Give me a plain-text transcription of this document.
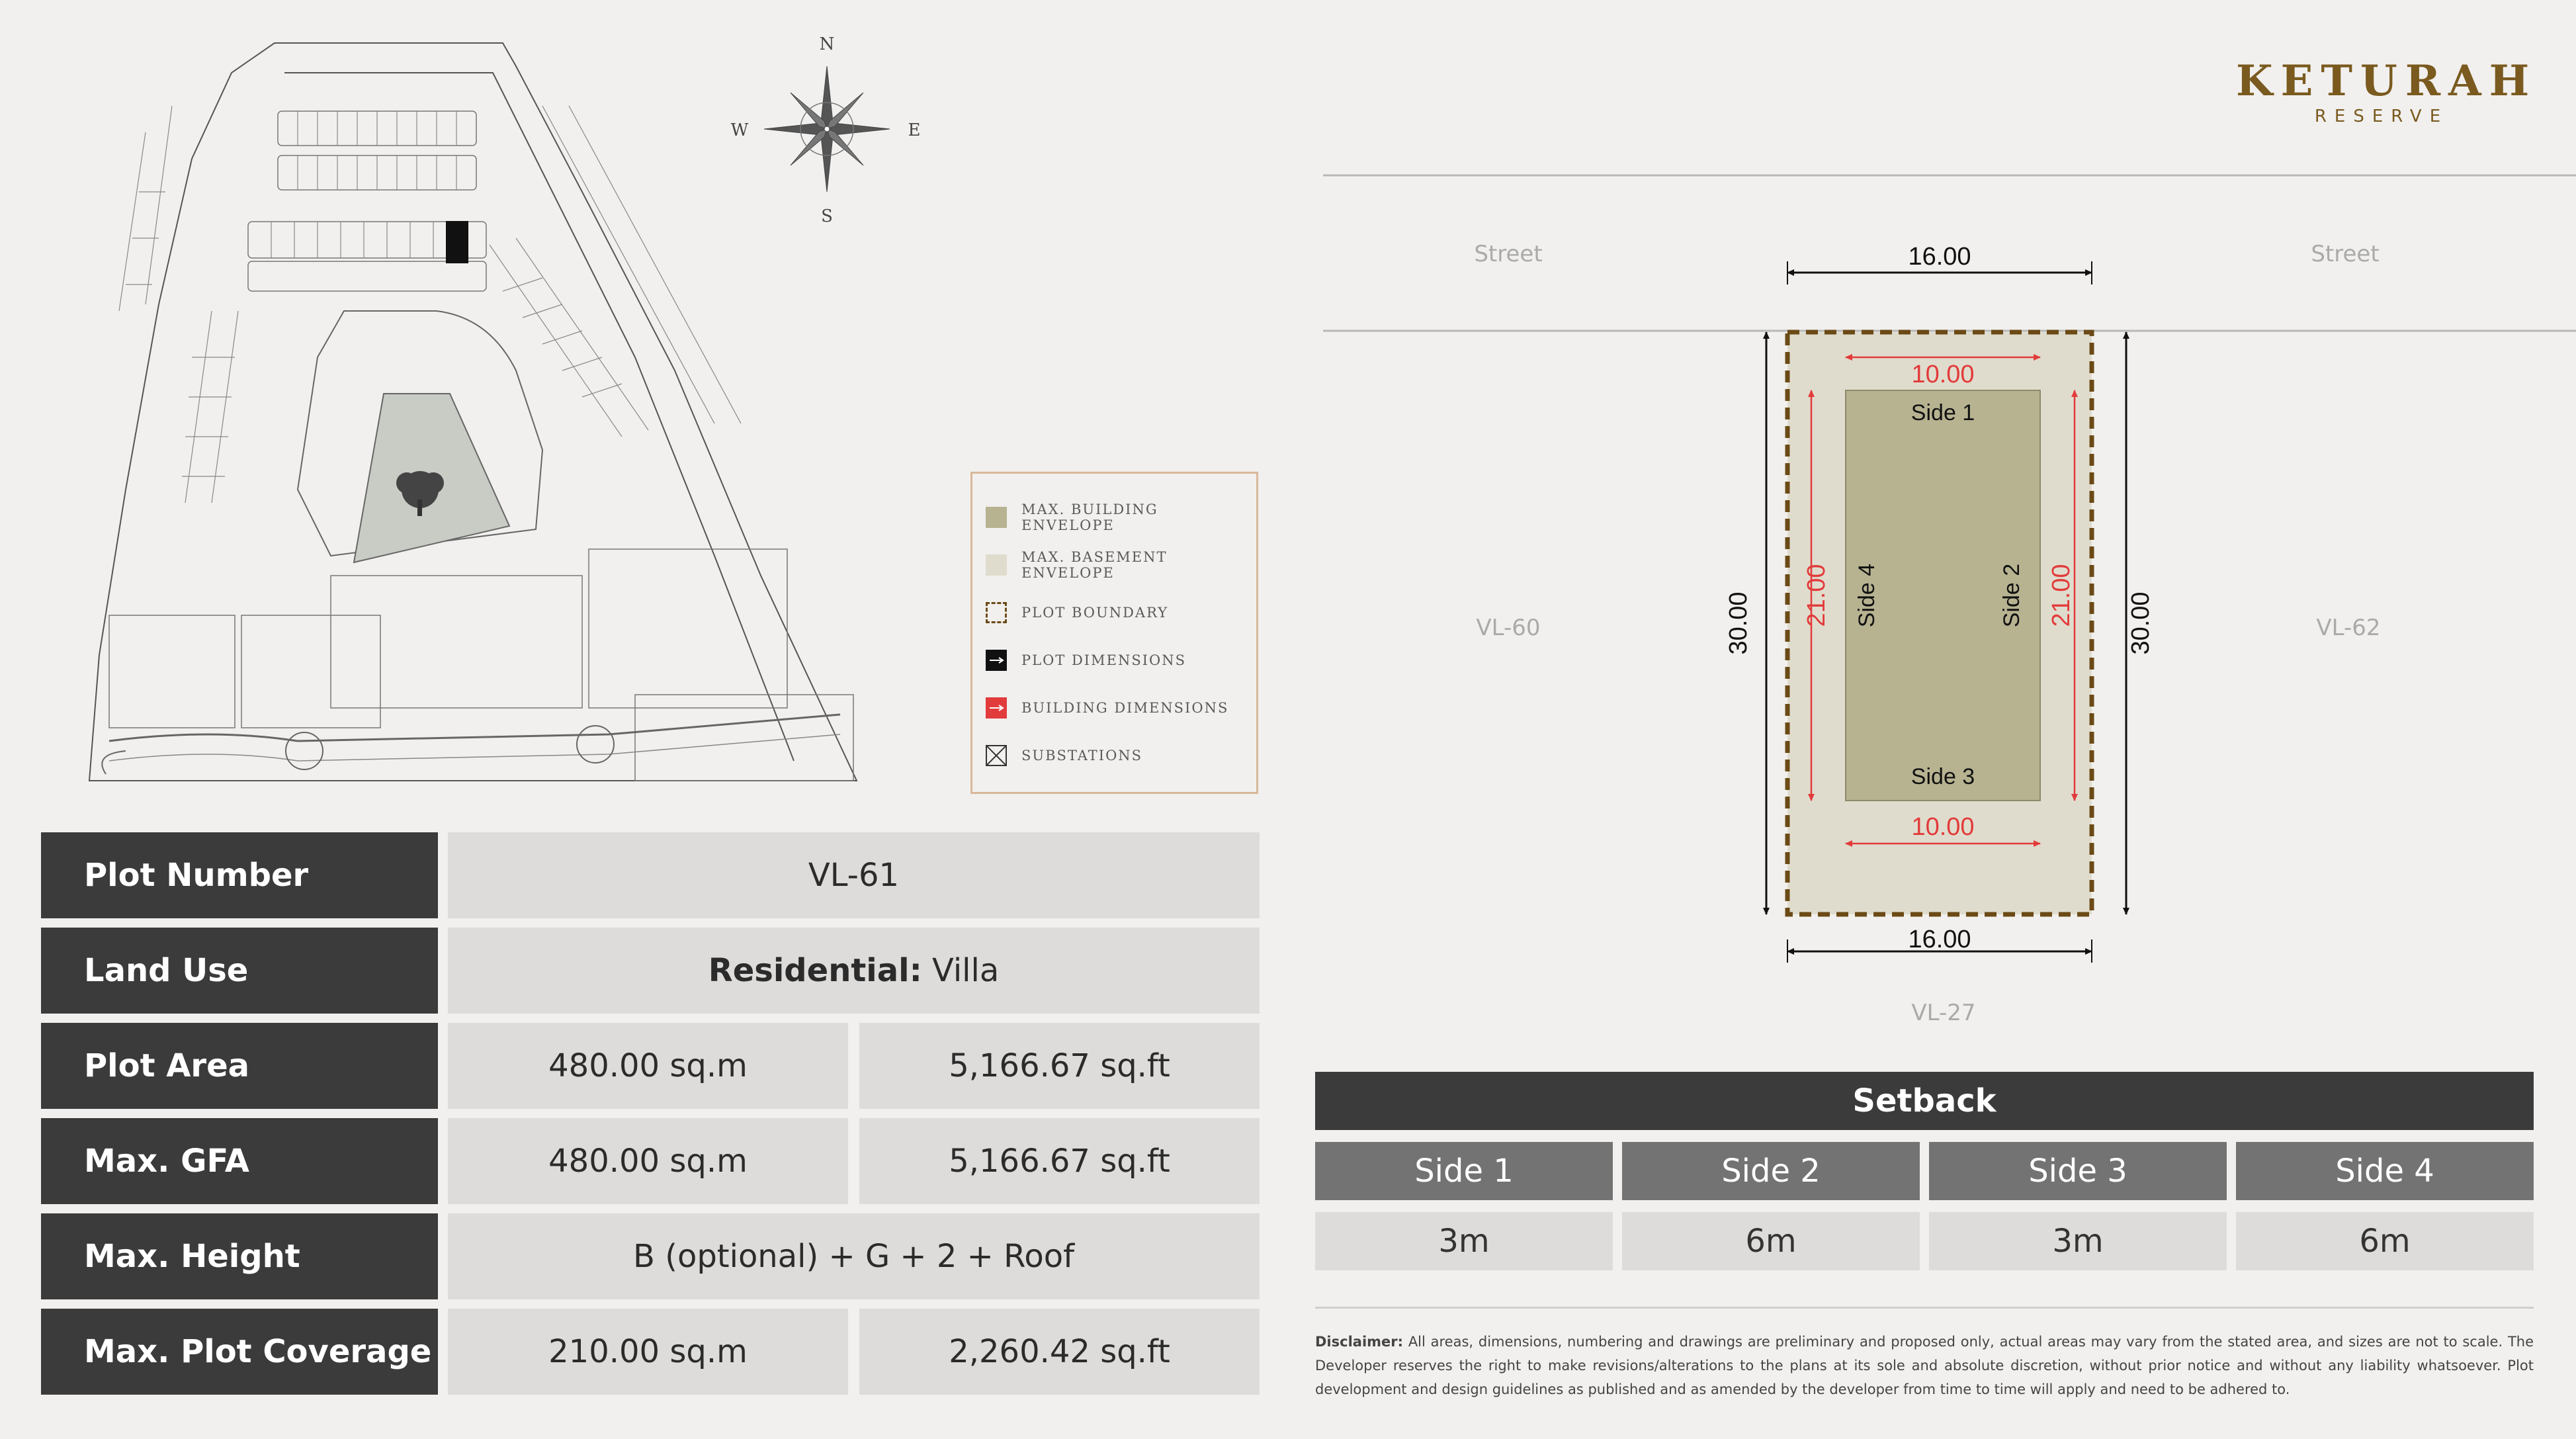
N
S
E
W
MAX. BUILDING ENVELOPE
MAX. BASEMENT ENVELOPE
PLOT BOUNDARY
PLOT DIMENSIONS
BUILDING DIMENSIONS
SUBSTATIONS
Plot Number	VL-61
Land Use	Residential: Villa
Plot Area	480.00 sq.m	5,166.67 sq.ft
Max. GFA	480.00 sq.m	5,166.67 sq.ft
Max. Height	B (optional) + G + 2 + Roof
Max. Plot Coverage	210.00 sq.m	2,260.42 sq.ft
KETURAH
RESERVE
Street	Street
VL-60	VL-62
VL-27
16.00
16.00
30.00	30.00
10.00
10.00
21.00	21.00
Side 1
Side 3
Side 4	Side 2
Setback
Side 1	Side 2	Side 3	Side 4
3m	6m	3m	6m
Disclaimer: All areas, dimensions, numbering and drawings are preliminary and proposed only, actual areas may vary from the stated area, and sizes are not to scale. The Developer reserves the right to make revisions/alterations to the plans at its sole and absolute discretion, without prior notice and without any liability whatsoever. Plot development and design guidelines as published and as amended by the developer from time to time will apply and need to be adhered to.
